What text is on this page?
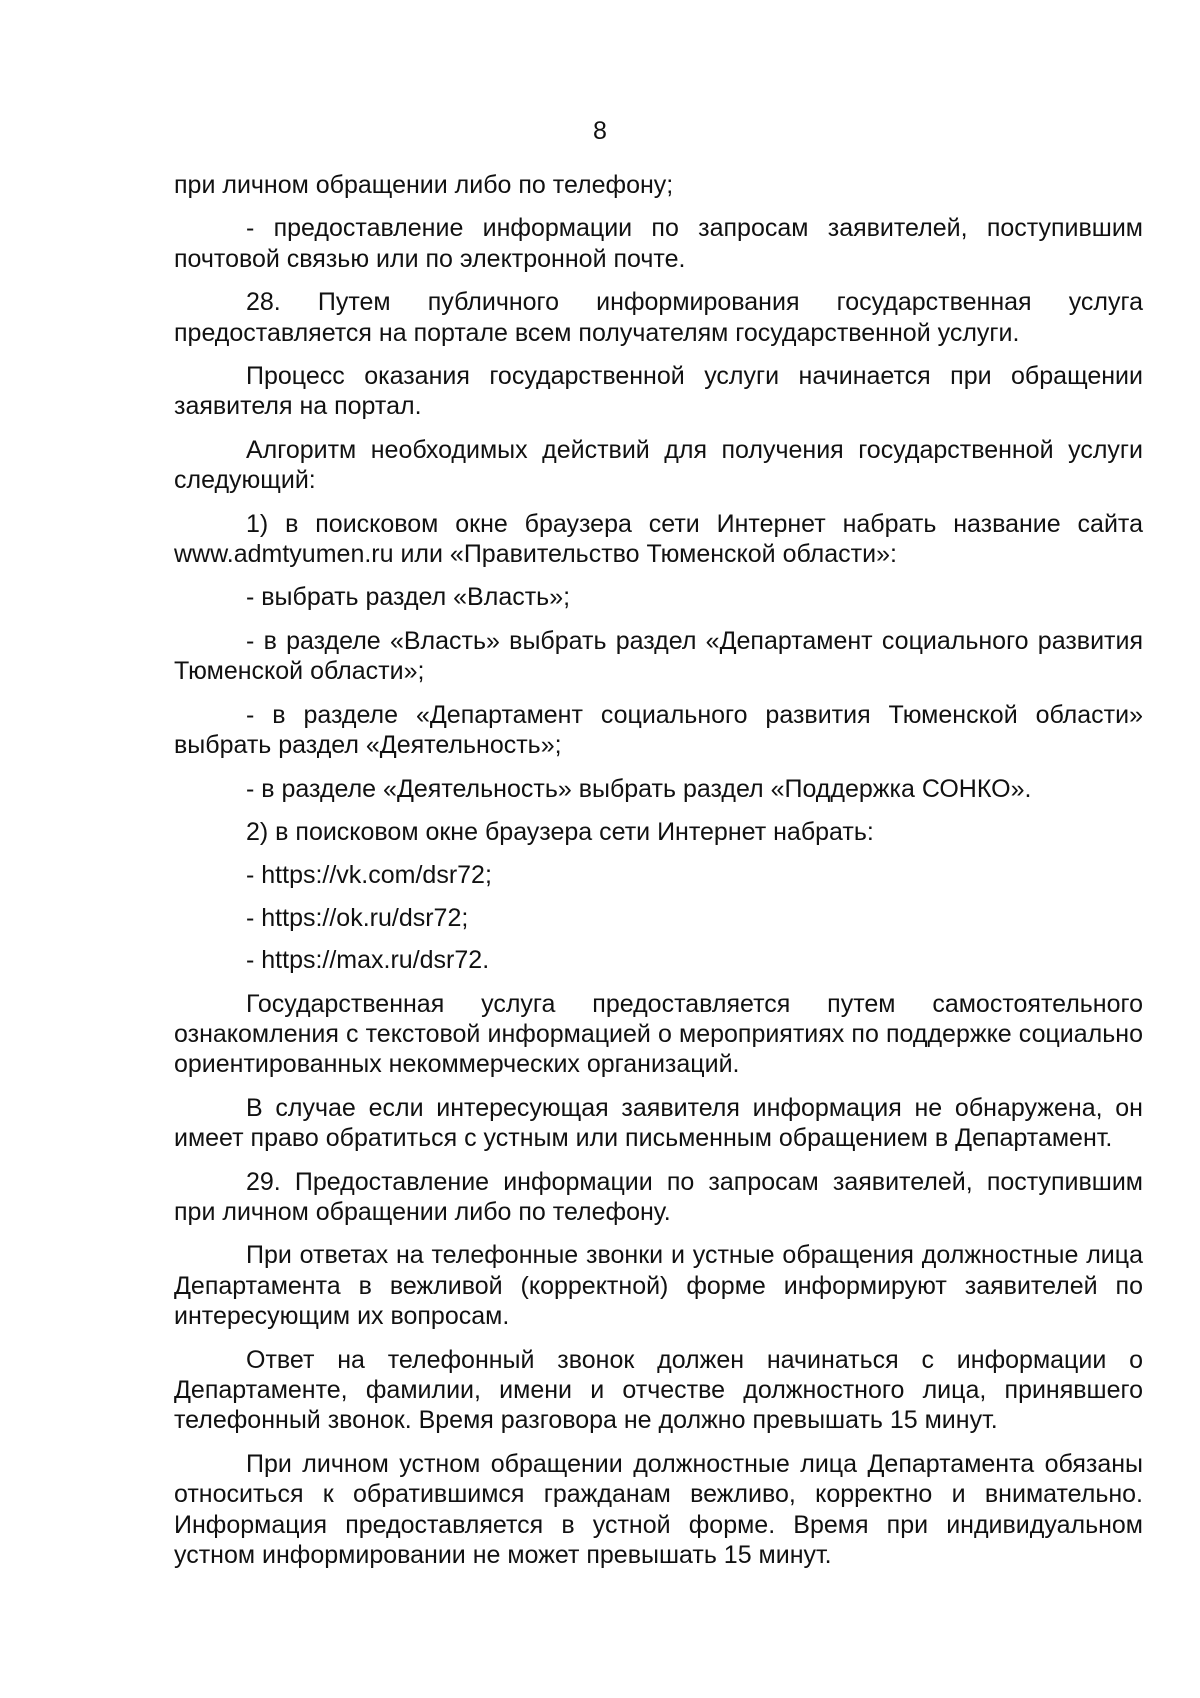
8

при личном обращении либо по телефону;

- предоставление информации по запросам заявителей, поступившим почтовой связью или по электронной почте.

28. Путем публичного информирования государственная услуга предоставляется на портале всем получателям государственной услуги.

Процесс оказания государственной услуги начинается при обращении заявителя на портал.

Алгоритм необходимых действий для получения государственной услуги следующий:

1) в поисковом окне браузера сети Интернет набрать название сайта www.admtyumen.ru или «Правительство Тюменской области»:

- выбрать раздел «Власть»;

- в разделе «Власть» выбрать раздел «Департамент социального развития Тюменской области»;

- в разделе «Департамент социального развития Тюменской области» выбрать раздел «Деятельность»;

- в разделе «Деятельность» выбрать раздел «Поддержка СОНКО».

2) в поисковом окне браузера сети Интернет набрать:

- https://vk.com/dsr72;

- https://ok.ru/dsr72;

- https://max.ru/dsr72.

Государственная услуга предоставляется путем самостоятельного ознакомления с текстовой информацией о мероприятиях по поддержке социально ориентированных некоммерческих организаций.

В случае если интересующая заявителя информация не обнаружена, он имеет право обратиться с устным или письменным обращением в Департамент.

29. Предоставление информации по запросам заявителей, поступившим при личном обращении либо по телефону.

При ответах на телефонные звонки и устные обращения должностные лица Департамента в вежливой (корректной) форме информируют заявителей по интересующим их вопросам.

Ответ на телефонный звонок должен начинаться с информации о Департаменте, фамилии, имени и отчестве должностного лица, принявшего телефонный звонок. Время разговора не должно превышать 15 минут.

При личном устном обращении должностные лица Департамента обязаны относиться к обратившимся гражданам вежливо, корректно и внимательно. Информация предоставляется в устной форме. Время при индивидуальном устном информировании не может превышать 15 минут.
